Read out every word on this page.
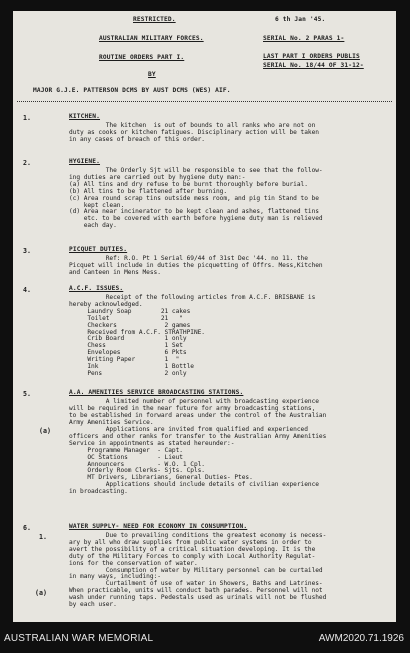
RESTRICTED.
AUSTRALIAN MILITARY FORCES.
ROUTINE ORDERS PART I.
BY
MAJOR G.J.E. PATTERSON DCMS BY AUST DCMS (WES) AIF.
6 th Jan '45.
SERIAL No. 2 PARAS 1-
LAST PART I ORDERS PUBLIS
SERIAL No. 18/44 OF 31-12-
1.	KITCHEN.
The kitchen  is out of bounds to all ranks who are not on
duty as cooks or kitchen fatigues. Disciplinary action will be taken
in any cases of breach of this order.
2.	HYGIENE.
The Orderly Sjt will be responsible to see that the follow-
ing duties are carried out by hygiene duty man:-
(a) All tins and dry refuse to be burnt thoroughly before burial.
(b) All tins to be flattened after burning.
(c) Area round scrap tins outside mess room, and pig tin Stand to be
kept clean.
(d) Area near incinerator to be kept clean and ashes, flattened tins
etc. to be covered with earth before hygiene duty man is relieved
each day.
3.	PICQUET DUTIES.
Ref: R.O. Pt 1 Serial 69/44 of 31st Dec '44. no 11. the
Picquet will include in duties the picquetting of Offrs. Mess,Kitchen
and Canteen in Mens Mess.
4.	A.C.F. ISSUES.
Receipt of the following articles from A.C.F. BRISBANE is
hereby acknowledged.
Laundry Soap        21 cakes
Toilet              21   "
Checkers             2 games
Received from A.C.F. STRATHPINE.
Crib Board           1 only
Chess                1 Set
Envelopes            6 Pkts
Writing Paper        1  "
Ink                  1 Bottle
Pens                 2 only
5.	A.A. AMENITIES SERVICE BROADCASTING STATIONS.
A limited number of personnel with broadcasting experience
will be required in the near future for army broadcasting stations,
to be established in forward areas under the control of the Australian
Army Amenities Service.
(a)	Applications are invited from qualified and experienced
officers and other ranks for transfer to the Australian Army Amenities
Service in appointments as stated hereunder:-
Programme Manager  - Capt.
OC Stations        - Lieut
Announcers         - W.O. 1 Cpl.
Orderly Room Clerks- Sjts. Cpls.
MT Drivers, Librarians, General Duties- Ptes.
Applications should include details of civilian experience
in broadcasting.
6.
1.
(a)
WATER SUPPLY- NEED FOR ECONOMY IN CONSUMPTION.
Due to prevailing conditions the greatest economy is necess-
ary by all who draw supplies from public water systems in order to
avert the possibility of a critical situation developing. It is the
duty of the Military Forces to comply with Local Authority Regulat-
ions for the conservation of water.
Consumption of water by Military personnel can be curtailed
in many ways, including:-
Curtailment of use of water in Showers, Baths and Latrines-
When practicable, units will conduct bath parades. Personnel will not
wash under running taps. Pedestals used as urinals will not be flushed
by each user.
AUSTRALIAN WAR MEMORIAL	AWM2020.71.1926
